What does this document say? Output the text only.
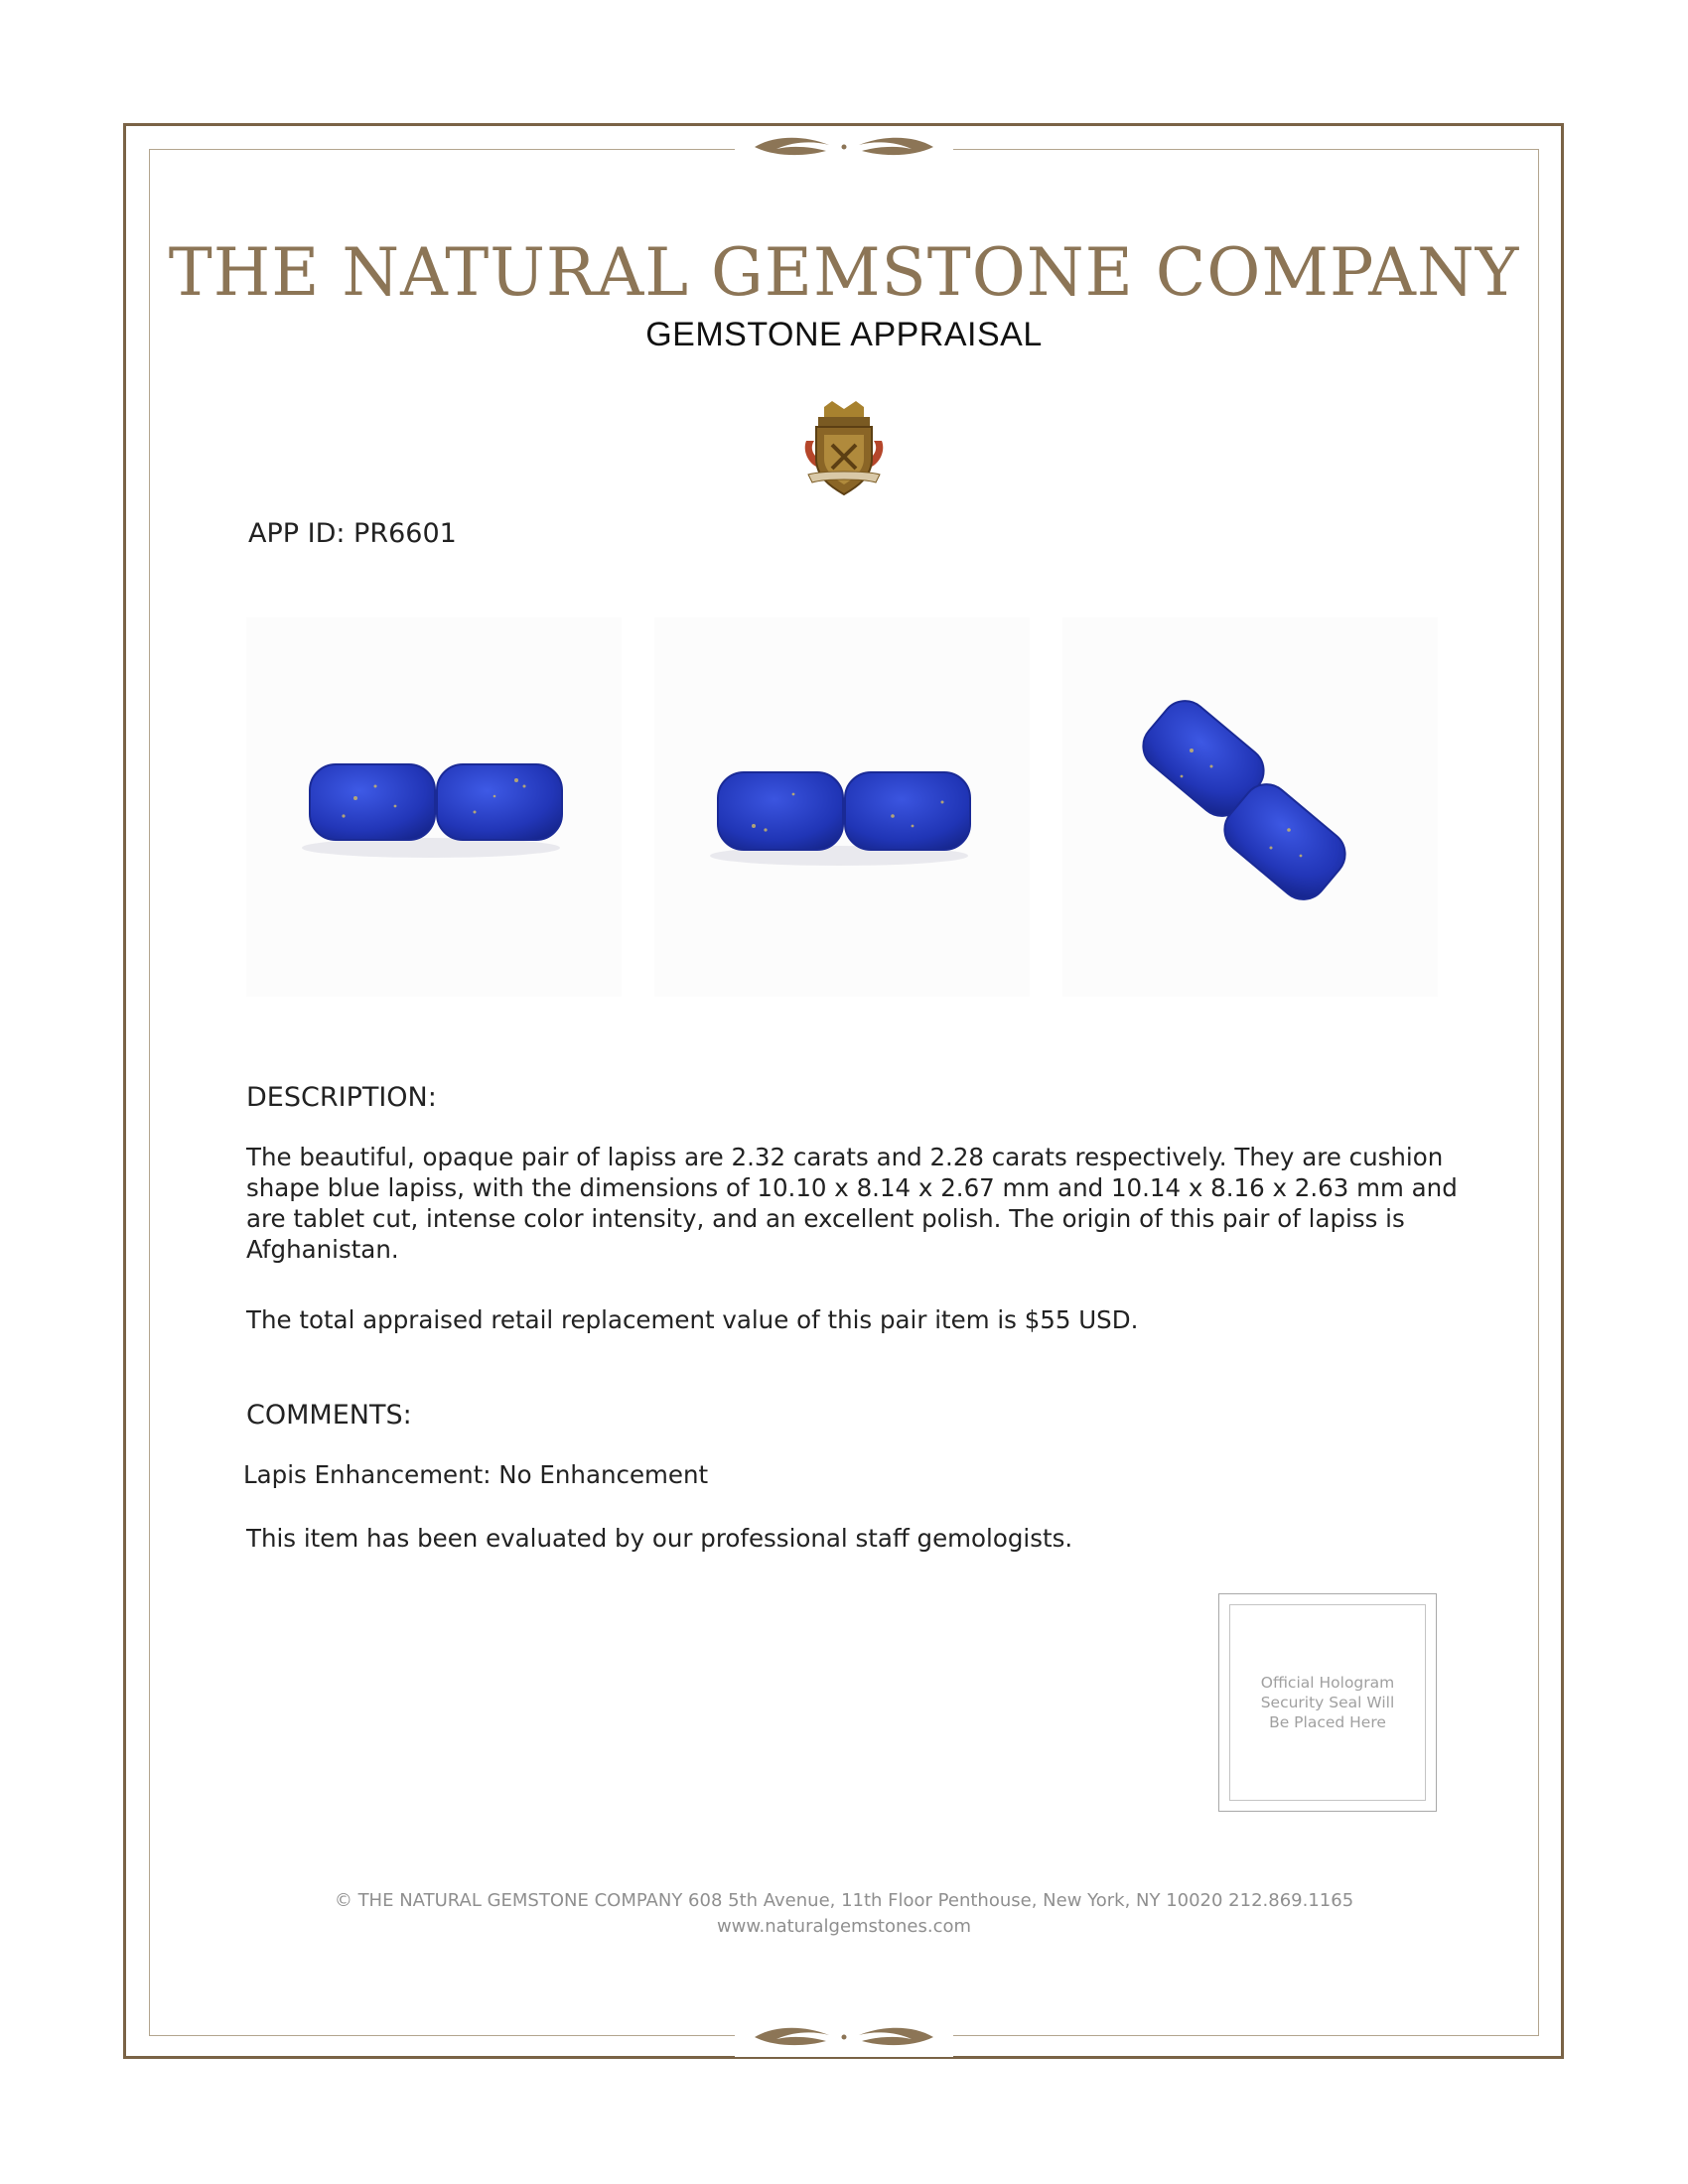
THE NATURAL GEMSTONE COMPANY
GEMSTONE APPRAISAL
APP ID: PR6601
DESCRIPTION:

The beautiful, opaque pair of lapiss are 2.32 carats and 2.28 carats respectively. They are cushion shape blue lapiss, with the dimensions of 10.10 x 8.14 x 2.67 mm and 10.14 x 8.16 x 2.63 mm and are tablet cut, intense color intensity, and an excellent polish. The origin of this pair of lapiss is Afghanistan.

The total appraised retail replacement value of this pair item is $55 USD.

COMMENTS:

Lapis Enhancement: No Enhancement

This item has been evaluated by our professional staff gemologists.

Official Hologram Security Seal Will Be Placed Here
© THE NATURAL GEMSTONE COMPANY 608 5th Avenue, 11th Floor Penthouse, New York, NY 10020 212.869.1165
www.naturalgemstones.com
